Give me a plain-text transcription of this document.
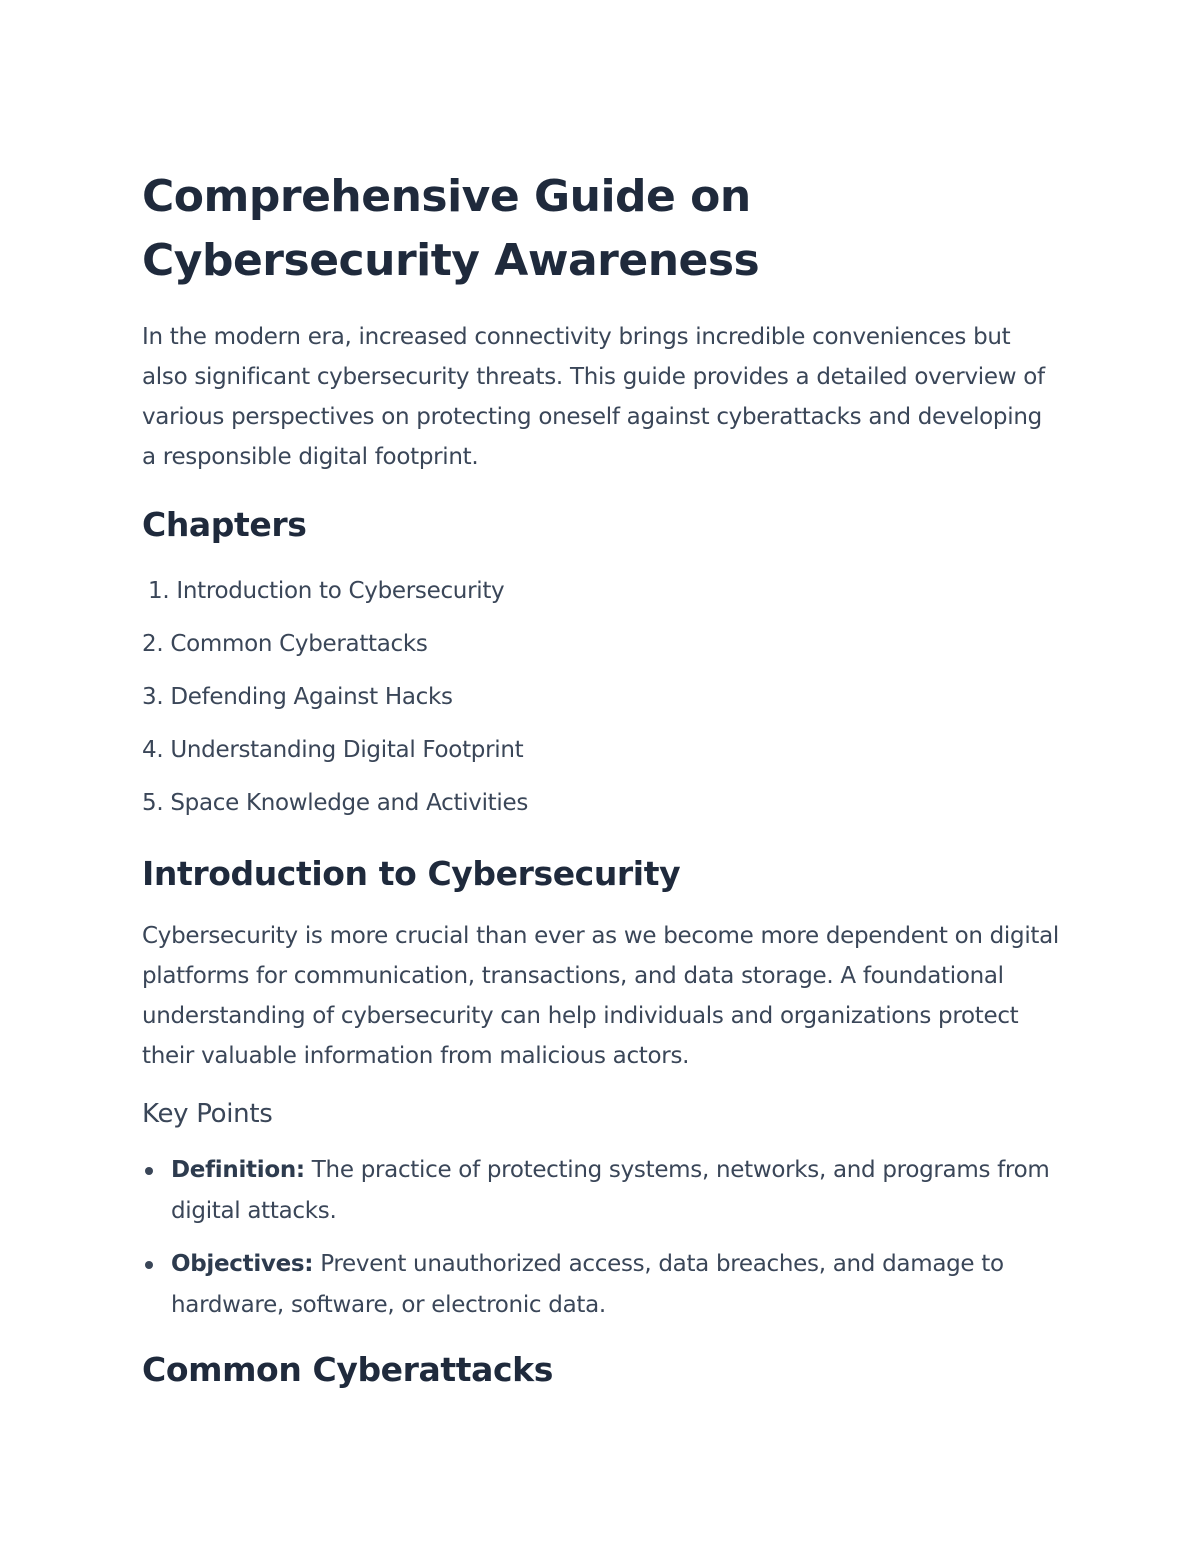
Comprehensive Guide on Cybersecurity Awareness

In the modern era, increased connectivity brings incredible conveniences but also significant cybersecurity threats. This guide provides a detailed overview of various perspectives on protecting oneself against cyberattacks and developing a responsible digital footprint.

Chapters
1. Introduction to Cybersecurity
2. Common Cyberattacks
3. Defending Against Hacks
4. Understanding Digital Footprint
5. Space Knowledge and Activities
Introduction to Cybersecurity

Cybersecurity is more crucial than ever as we become more dependent on digital platforms for communication, transactions, and data storage. A foundational understanding of cybersecurity can help individuals and organizations protect their valuable information from malicious actors.

Key Points
Definition: The practice of protecting systems, networks, and programs from digital attacks.
Objectives: Prevent unauthorized access, data breaches, and damage to hardware, software, or electronic data.
Common Cyberattacks
